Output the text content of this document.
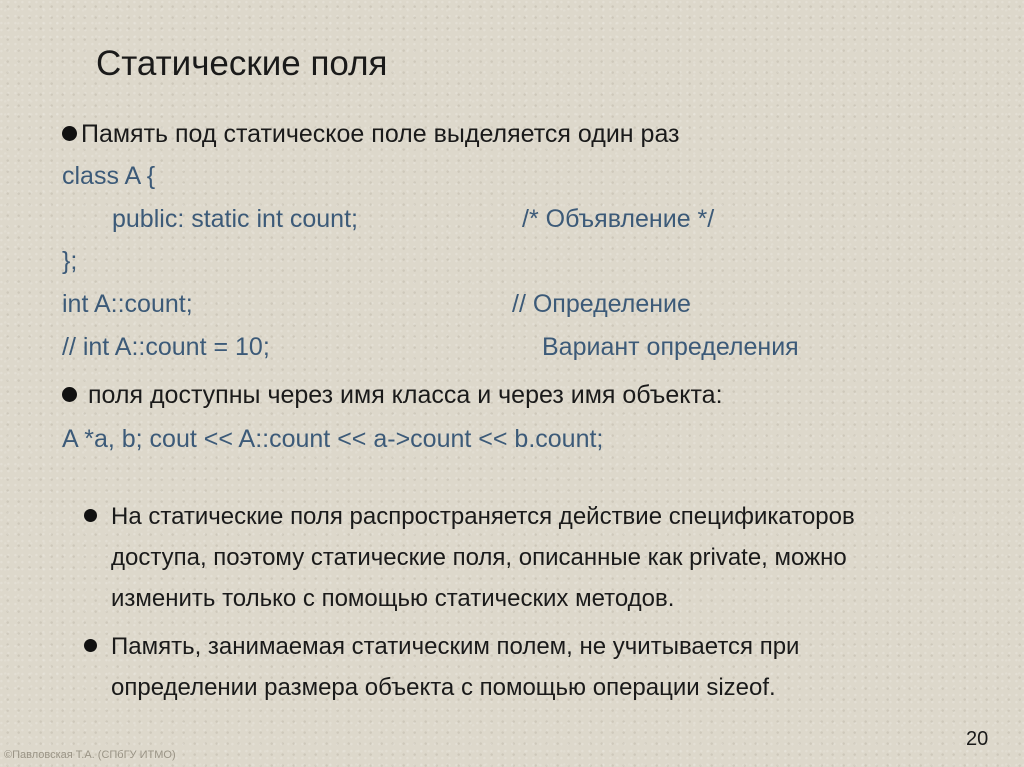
Статические поля
Память под статическое поле выделяется один раз
class A {
public: static int count;	/* Объявление */
};
int A::count;	// Определение
// int A::count = 10;	Вариант определения
поля доступны через имя класса и через имя объекта:
A *a, b; cout << A::count << a->count << b.count;
На статические поля распространяется действие спецификаторов
доступа, поэтому статические поля, описанные как private, можно
изменить только с помощью статических методов.
Память, занимаемая статическим полем, не учитывается при
определении размера объекта с помощью операции sizeof.
20
©Павловская Т.А. (СПбГУ ИТМО)
